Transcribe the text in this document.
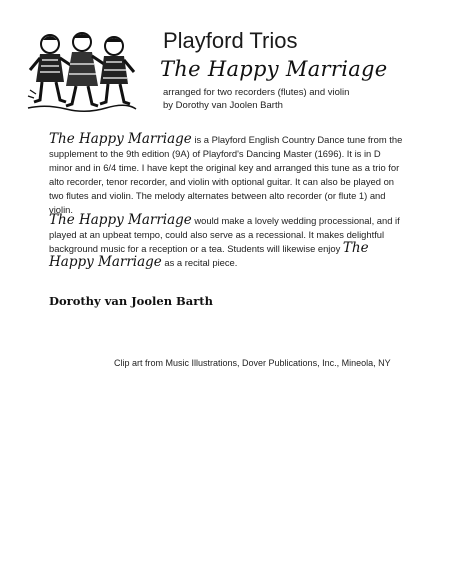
Playford Trios
The Happy Marriage
arranged for two recorders (flutes) and violin
by Dorothy van Joolen Barth

The Happy Marriage is a Playford English Country Dance tune from the supplement to the 9th edition (9A) of Playford's Dancing Master (1696). It is in D minor and in 6/4 time. I have kept the original key and arranged this tune as a trio for alto recorder, tenor recorder, and violin with optional guitar. It can also be played on two flutes and violin. The melody alternates between alto recorder (or flute 1) and violin.

The Happy Marriage would make a lovely wedding processional, and if played at an upbeat tempo, could also serve as a recessional. It makes delightful background music for a reception or a tea. Students will likewise enjoy The Happy Marriage as a recital piece.

Dorothy van Joolen Barth
Clip art from Music Illustrations, Dover Publications, Inc., Mineola, NY
